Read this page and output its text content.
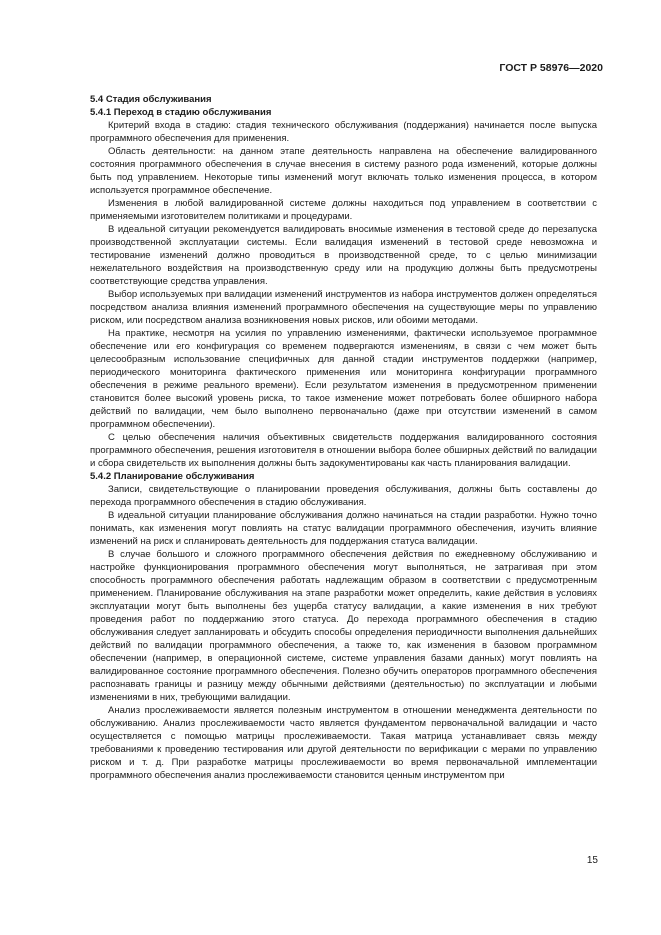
ГОСТ Р 58976—2020

5.4 Стадия обслуживания

5.4.1 Переход в стадию обслуживания

Критерий входа в стадию: стадия технического обслуживания (поддержания) начинается после выпуска программного обеспечения для применения.

Область деятельности: на данном этапе деятельность направлена на обеспечение валидированного состояния программного обеспечения в случае внесения в систему разного рода изменений, которые должны быть под управлением. Некоторые типы изменений могут включать только изменения процесса, в котором используется программное обеспечение.

Изменения в любой валидированной системе должны находиться под управлением в соответствии с применяемыми изготовителем политиками и процедурами.

В идеальной ситуации рекомендуется валидировать вносимые изменения в тестовой среде до перезапуска производственной эксплуатации системы. Если валидация изменений в тестовой среде невозможна и тестирование изменений должно проводиться в производственной среде, то с целью минимизации нежелательного воздействия на производственную среду или на продукцию должны быть предусмотрены соответствующие средства управления.

Выбор используемых при валидации изменений инструментов из набора инструментов должен определяться посредством анализа влияния изменений программного обеспечения на существующие меры по управлению риском, или посредством анализа возникновения новых рисков, или обоими методами.

На практике, несмотря на усилия по управлению изменениями, фактически используемое программное обеспечение или его конфигурация со временем подвергаются изменениям, в связи с чем может быть целесообразным использование специфичных для данной стадии инструментов поддержки (например, периодического мониторинга фактического применения или мониторинга конфигурации программного обеспечения в режиме реального времени). Если результатом изменения в предусмотренном применении становится более высокий уровень риска, то такое изменение может потребовать более обширного набора действий по валидации, чем было выполнено первоначально (даже при отсутствии изменений в самом программном обеспечении).

С целью обеспечения наличия объективных свидетельств поддержания валидированного состояния программного обеспечения, решения изготовителя в отношении выбора более обширных действий по валидации и сбора свидетельств их выполнения должны быть задокументированы как часть планирования валидации.

5.4.2 Планирование обслуживания

Записи, свидетельствующие о планировании проведения обслуживания, должны быть составлены до перехода программного обеспечения в стадию обслуживания.

В идеальной ситуации планирование обслуживания должно начинаться на стадии разработки. Нужно точно понимать, как изменения могут повлиять на статус валидации программного обеспечения, изучить влияние изменений на риск и спланировать деятельность для поддержания статуса валидации.

В случае большого и сложного программного обеспечения действия по ежедневному обслуживанию и настройке функционирования программного обеспечения могут выполняться, не затрагивая при этом способность программного обеспечения работать надлежащим образом в соответствии с предусмотренным применением. Планирование обслуживания на этапе разработки может определить, какие действия в условиях эксплуатации могут быть выполнены без ущерба статусу валидации, а какие изменения в них требуют проведения работ по поддержанию этого статуса. До перехода программного обеспечения в стадию обслуживания следует запланировать и обсудить способы определения периодичности выполнения дальнейших действий по валидации программного обеспечения, а также то, как изменения в базовом программном обеспечении (например, в операционной системе, системе управления базами данных) могут повлиять на валидированное состояние программного обеспечения. Полезно обучить операторов программного обеспечения распознавать границы и разницу между обычными действиями (деятельностью) по эксплуатации и любыми изменениями в них, требующими валидации.

Анализ прослеживаемости является полезным инструментом в отношении менеджмента деятельности по обслуживанию. Анализ прослеживаемости часто является фундаментом первоначальной валидации и часто осуществляется с помощью матрицы прослеживаемости. Такая матрица устанавливает связь между требованиями к проведению тестирования или другой деятельности по верификации с мерами по управлению риском и т. д. При разработке матрицы прослеживаемости во время первоначальной имплементации программного обеспечения анализ прослеживаемости становится ценным инструментом при

15
